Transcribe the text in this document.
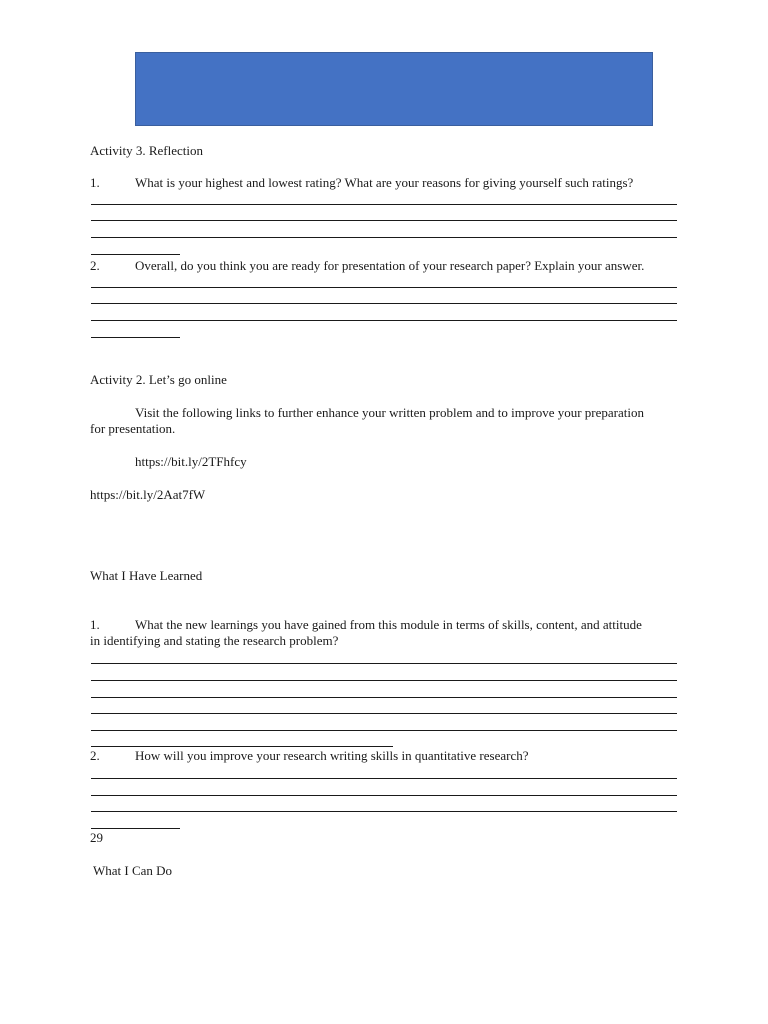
Activity 3. Reflection
1.	What is your highest and lowest rating? What are your reasons for giving yourself such ratings?
2.	Overall, do you think you are ready for presentation of your research paper? Explain your answer.
Activity 2. Let’s go online
Visit the following links to further enhance your written problem and to improve your preparation
for presentation.
https://bit.ly/2TFhfcy
https://bit.ly/2Aat7fW
What I Have Learned
1.	What the new learnings you have gained from this module in terms of skills, content, and attitude
in identifying and stating the research problem?
2.	How will you improve your research writing skills in quantitative research?
29
What I Can Do
